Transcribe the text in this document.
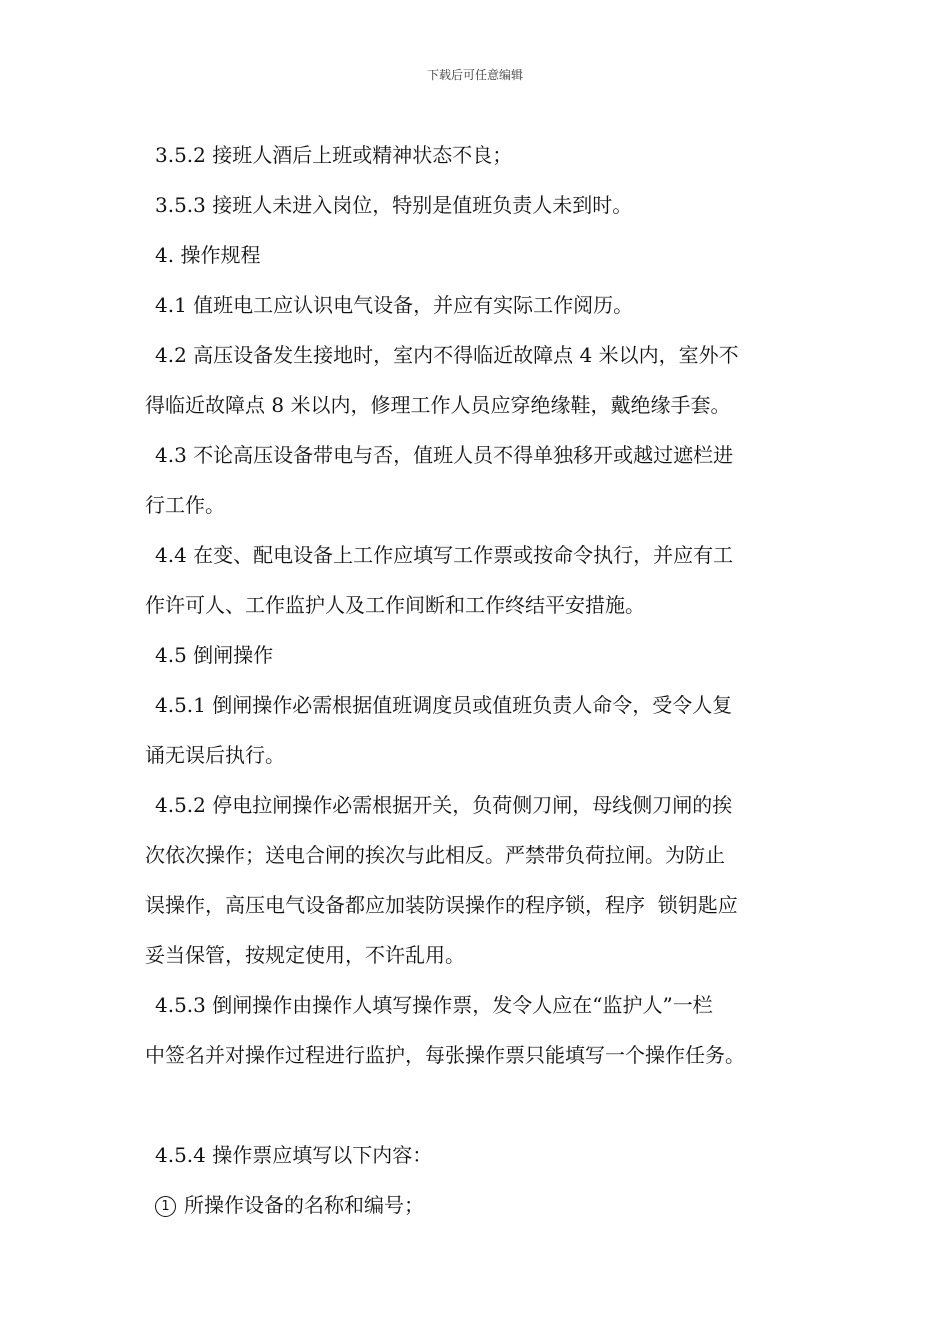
下载后可任意编辑
3.5.2 接班人酒后上班或精神状态不良；
3.5.3 接班人未进入岗位，特别是值班负责人未到时。
4. 操作规程
4.1 值班电工应认识电气设备，并应有实际工作阅历。
4.2 高压设备发生接地时，室内不得临近故障点 4 米以内，室外不
得临近故障点 8 米以内，修理工作人员应穿绝缘鞋，戴绝缘手套。
4.3 不论高压设备带电与否，值班人员不得单独移开或越过遮栏进
行工作。
4.4 在变、配电设备上工作应填写工作票或按命令执行，并应有工
作许可人、工作监护人及工作间断和工作终结平安措施。
4.5 倒闸操作
4.5.1 倒闸操作必需根据值班调度员或值班负责人命令，受令人复
诵无误后执行。
4.5.2 停电拉闸操作必需根据开关，负荷侧刀闸，母线侧刀闸的挨
次依次操作；送电合闸的挨次与此相反。严禁带负荷拉闸。为防止
误操作，高压电气设备都应加装防误操作的程序锁，程序  锁钥匙应
妥当保管，按规定使用，不许乱用。
4.5.3 倒闸操作由操作人填写操作票，发令人应在“监护人”一栏
中签名并对操作过程进行监护，每张操作票只能填写一个操作任务。
4.5.4 操作票应填写以下内容：
1 所操作设备的名称和编号；
